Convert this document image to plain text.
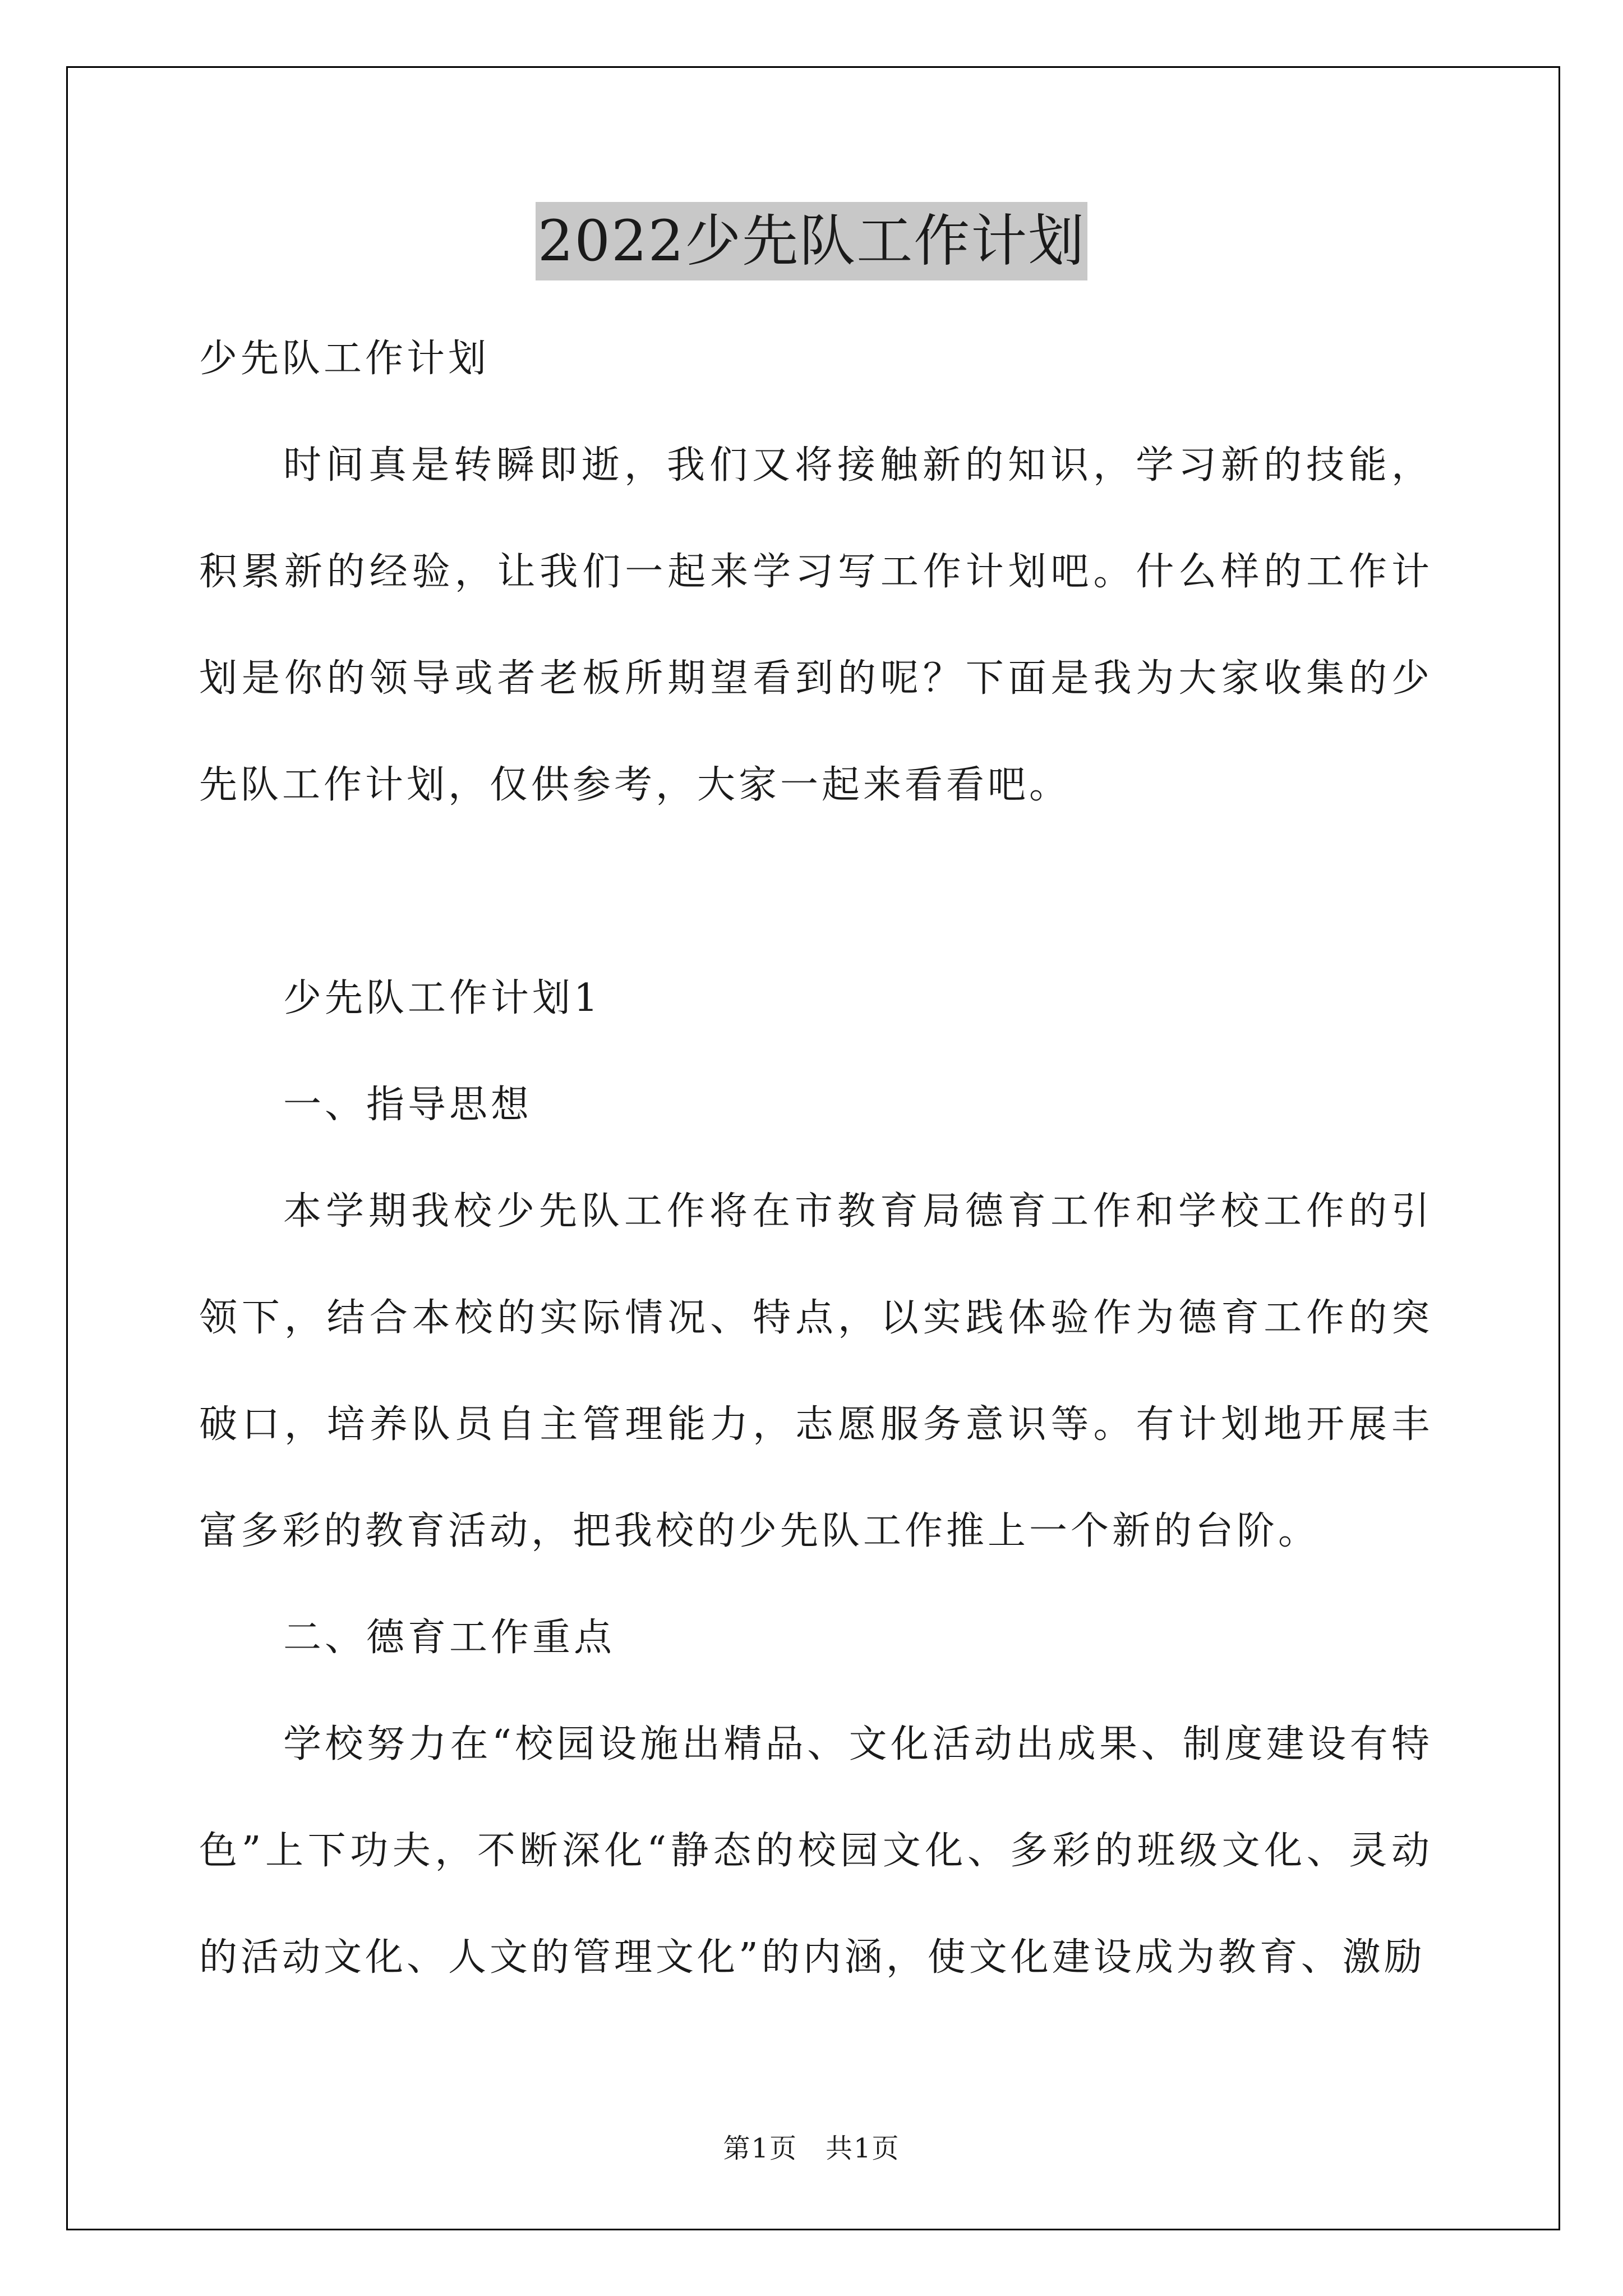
2022少先队工作计划

少先队工作计划

时间真是转瞬即逝，我们又将接触新的知识，学习新的技能，积累新的经验，让我们一起来学习写工作计划吧。什么样的工作计划是你的领导或者老板所期望看到的呢？下面是我为大家收集的少先队工作计划，仅供参考，大家一起来看看吧。

少先队工作计划1

一、指导思想

本学期我校少先队工作将在市教育局德育工作和学校工作的引领下，结合本校的实际情况、特点，以实践体验作为德育工作的突破口，培养队员自主管理能力，志愿服务意识等。有计划地开展丰富多彩的教育活动，把我校的少先队工作推上一个新的台阶。

二、德育工作重点

学校努力在“校园设施出精品、文化活动出成果、制度建设有特色”上下功夫，不断深化“静态的校园文化、多彩的班级文化、灵动的活动文化、人文的管理文化”的内涵，使文化建设成为教育、激励

第1页　共1页
